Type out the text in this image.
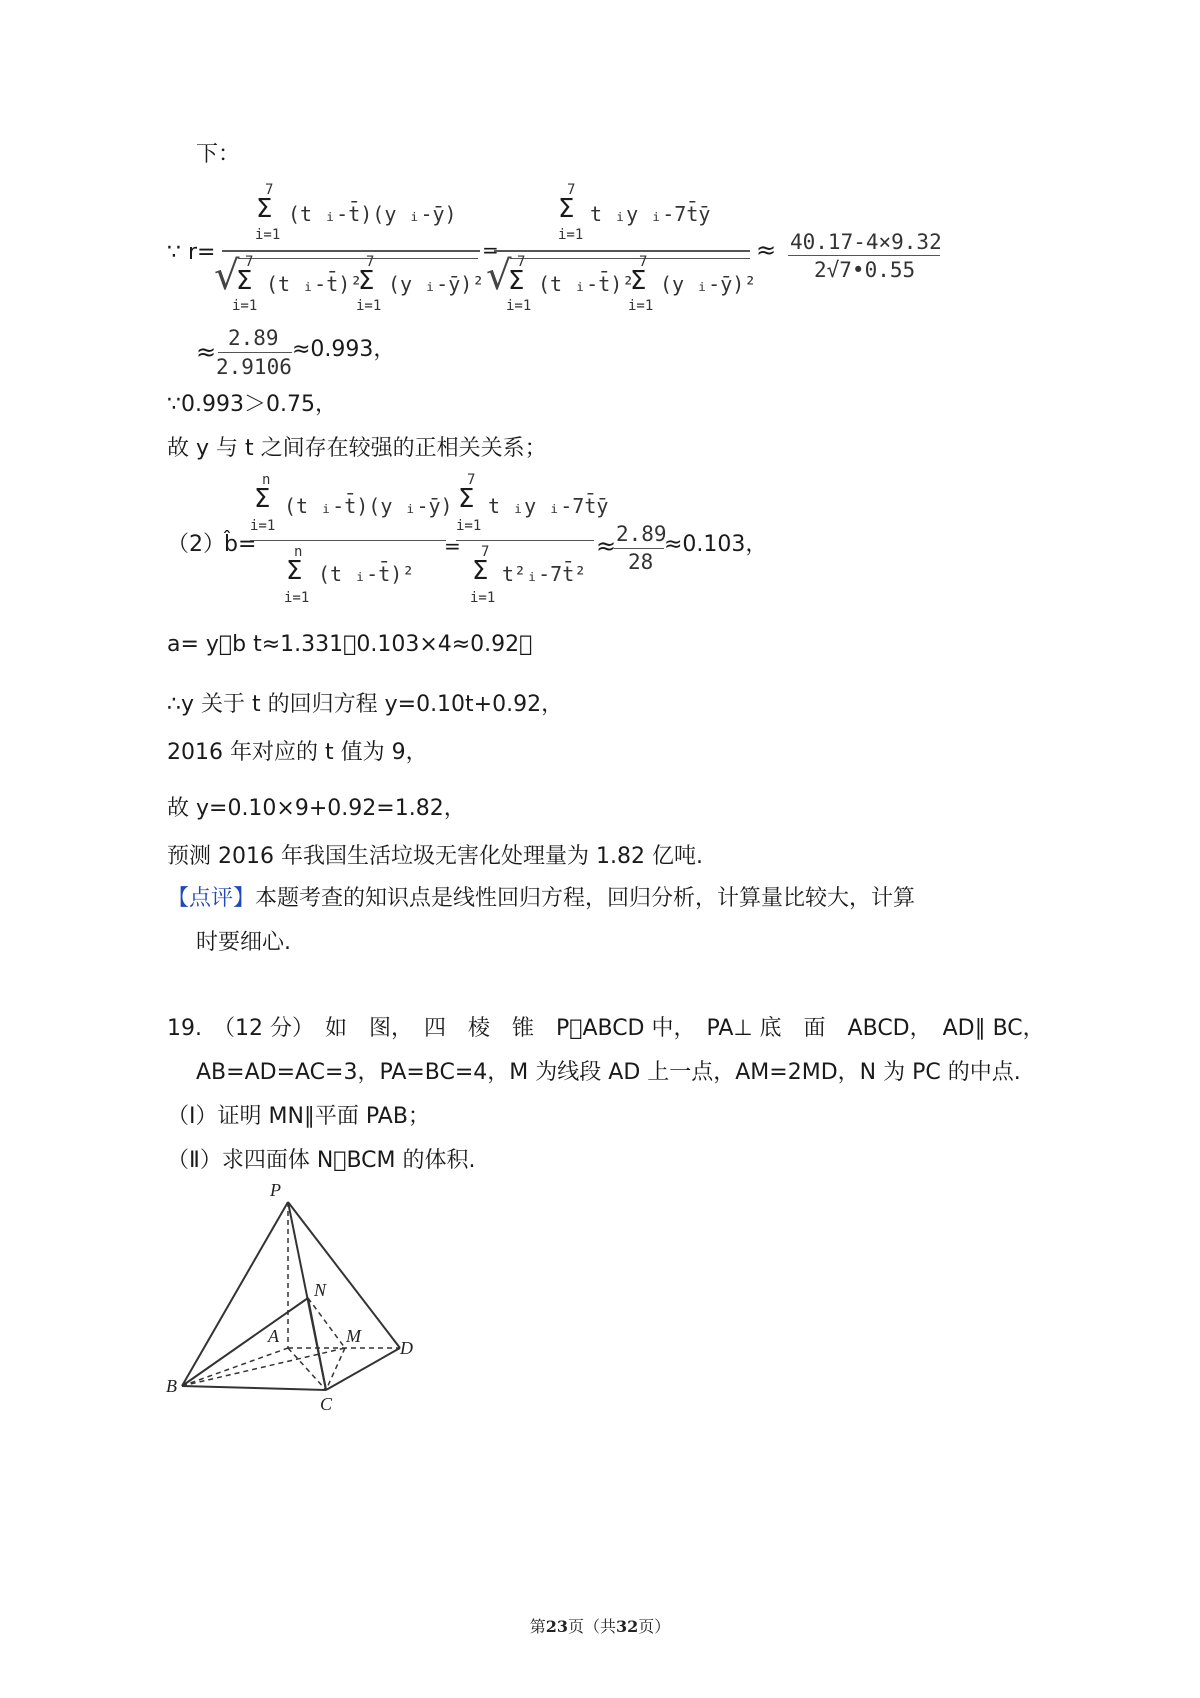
下：
∵ r=
7
Σ
i=1
(t ᵢ-t̄)(y ᵢ-ȳ)
√
Σ
7
i=1
(t ᵢ-t̄)²
Σ
7
i=1
(y ᵢ-ȳ)²
=
7
Σ
i=1
t ᵢy ᵢ-7t̄ȳ
√
Σ
7
i=1
(t ᵢ-t̄)²
Σ
7
i=1
(y ᵢ-ȳ)²
≈ 40.17-4×9.32
2√7•0.55
≈ 2.89
2.9106
≈0.993，
∵0.993＞0.75，
故 y 与 t 之间存在较强的正相关关系；
（2） b̂=
n
Σ
i=1
(t ᵢ-t̄)(y ᵢ-ȳ)
n
Σ
i=1
(t ᵢ-t̄)²
=
7
Σ
i=1
t ᵢy ᵢ-7t̄ȳ
7
Σ
i=1
t²ᵢ-7t̄²
≈ 2.89
28
≈0.103，
a= y b t≈1.331 0.103×4≈0.92，
∴y 关于 t 的回归方程 y=0.10t+0.92，
2016 年对应的 t 值为 9，
故 y=0.10×9+0.92=1.82，
预测 2016 年我国生活垃圾无害化处理量为 1.82 亿吨.
【点评】本题考查的知识点是线性回归方程，回归分析，计算量比较大，计算
时要细心.
19.　（12 分）　如　图，　四　棱　锥　P ABCD 中，　PA⊥ 底　面　ABCD，　AD∥ BC，
AB=AD=AC=3，PA=BC=4，M 为线段 AD 上一点，AM=2MD，N 为 PC 的中点.
（Ⅰ）证明 MN∥平面 PAB；
（Ⅱ）求四面体 N BCM 的体积.
P
N
A	M
D
B
C
第23页（共32页）
